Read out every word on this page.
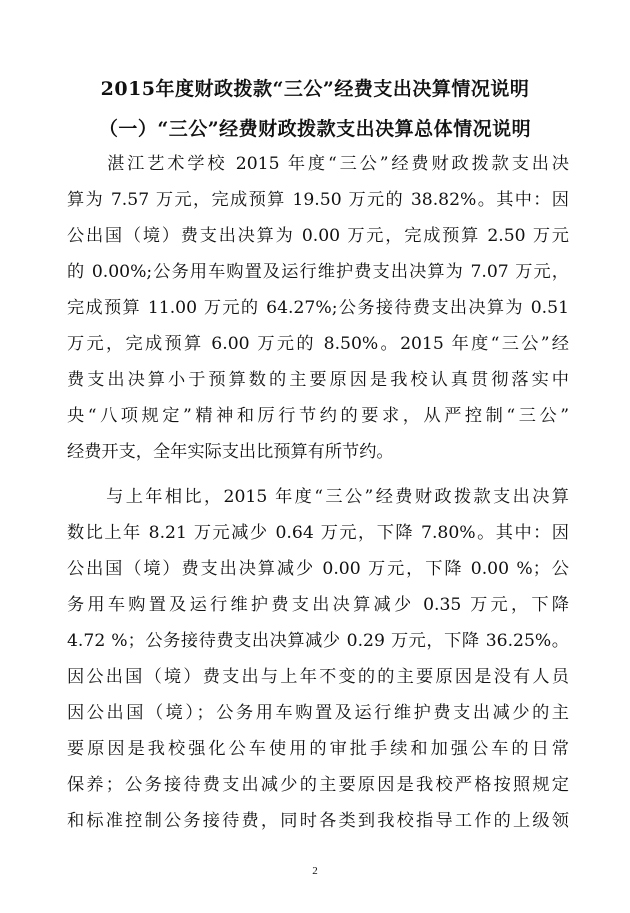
2015年度财政拨款“三公”经费支出决算情况说明
（一）“三公”经费财政拨款支出决算总体情况说明
　　湛江艺术学校 2015 年度“三公”经费财政拨款支出决
算为 7.57 万元，完成预算 19.50 万元的 38.82%。其中：因
公出国（境）费支出决算为 0.00 万元，完成预算 2.50 万元
的 0.00%;公务用车购置及运行维护费支出决算为 7.07 万元，
完成预算 11.00 万元的 64.27%;公务接待费支出决算为 0.51
万元，完成预算 6.00 万元的 8.50%。2015 年度“三公”经
费支出决算小于预算数的主要原因是我校认真贯彻落实中
央“八项规定”精神和厉行节约的要求，从严控制“三公”
经费开支，全年实际支出比预算有所节约。
　　与上年相比，2015 年度“三公”经费财政拨款支出决算
数比上年 8.21 万元减少 0.64 万元，下降 7.80%。其中：因
公出国（境）费支出决算减少 0.00 万元，下降 0.00 %；公
务用车购置及运行维护费支出决算减少 0.35 万元，下降
4.72 %；公务接待费支出决算减少 0.29 万元，下降 36.25%。
因公出国（境）费支出与上年不变的的主要原因是没有人员
因公出国（境）；公务用车购置及运行维护费支出减少的主
要原因是我校强化公车使用的审批手续和加强公车的日常
保养；公务接待费支出减少的主要原因是我校严格按照规定
和标准控制公务接待费，同时各类到我校指导工作的上级领
2
